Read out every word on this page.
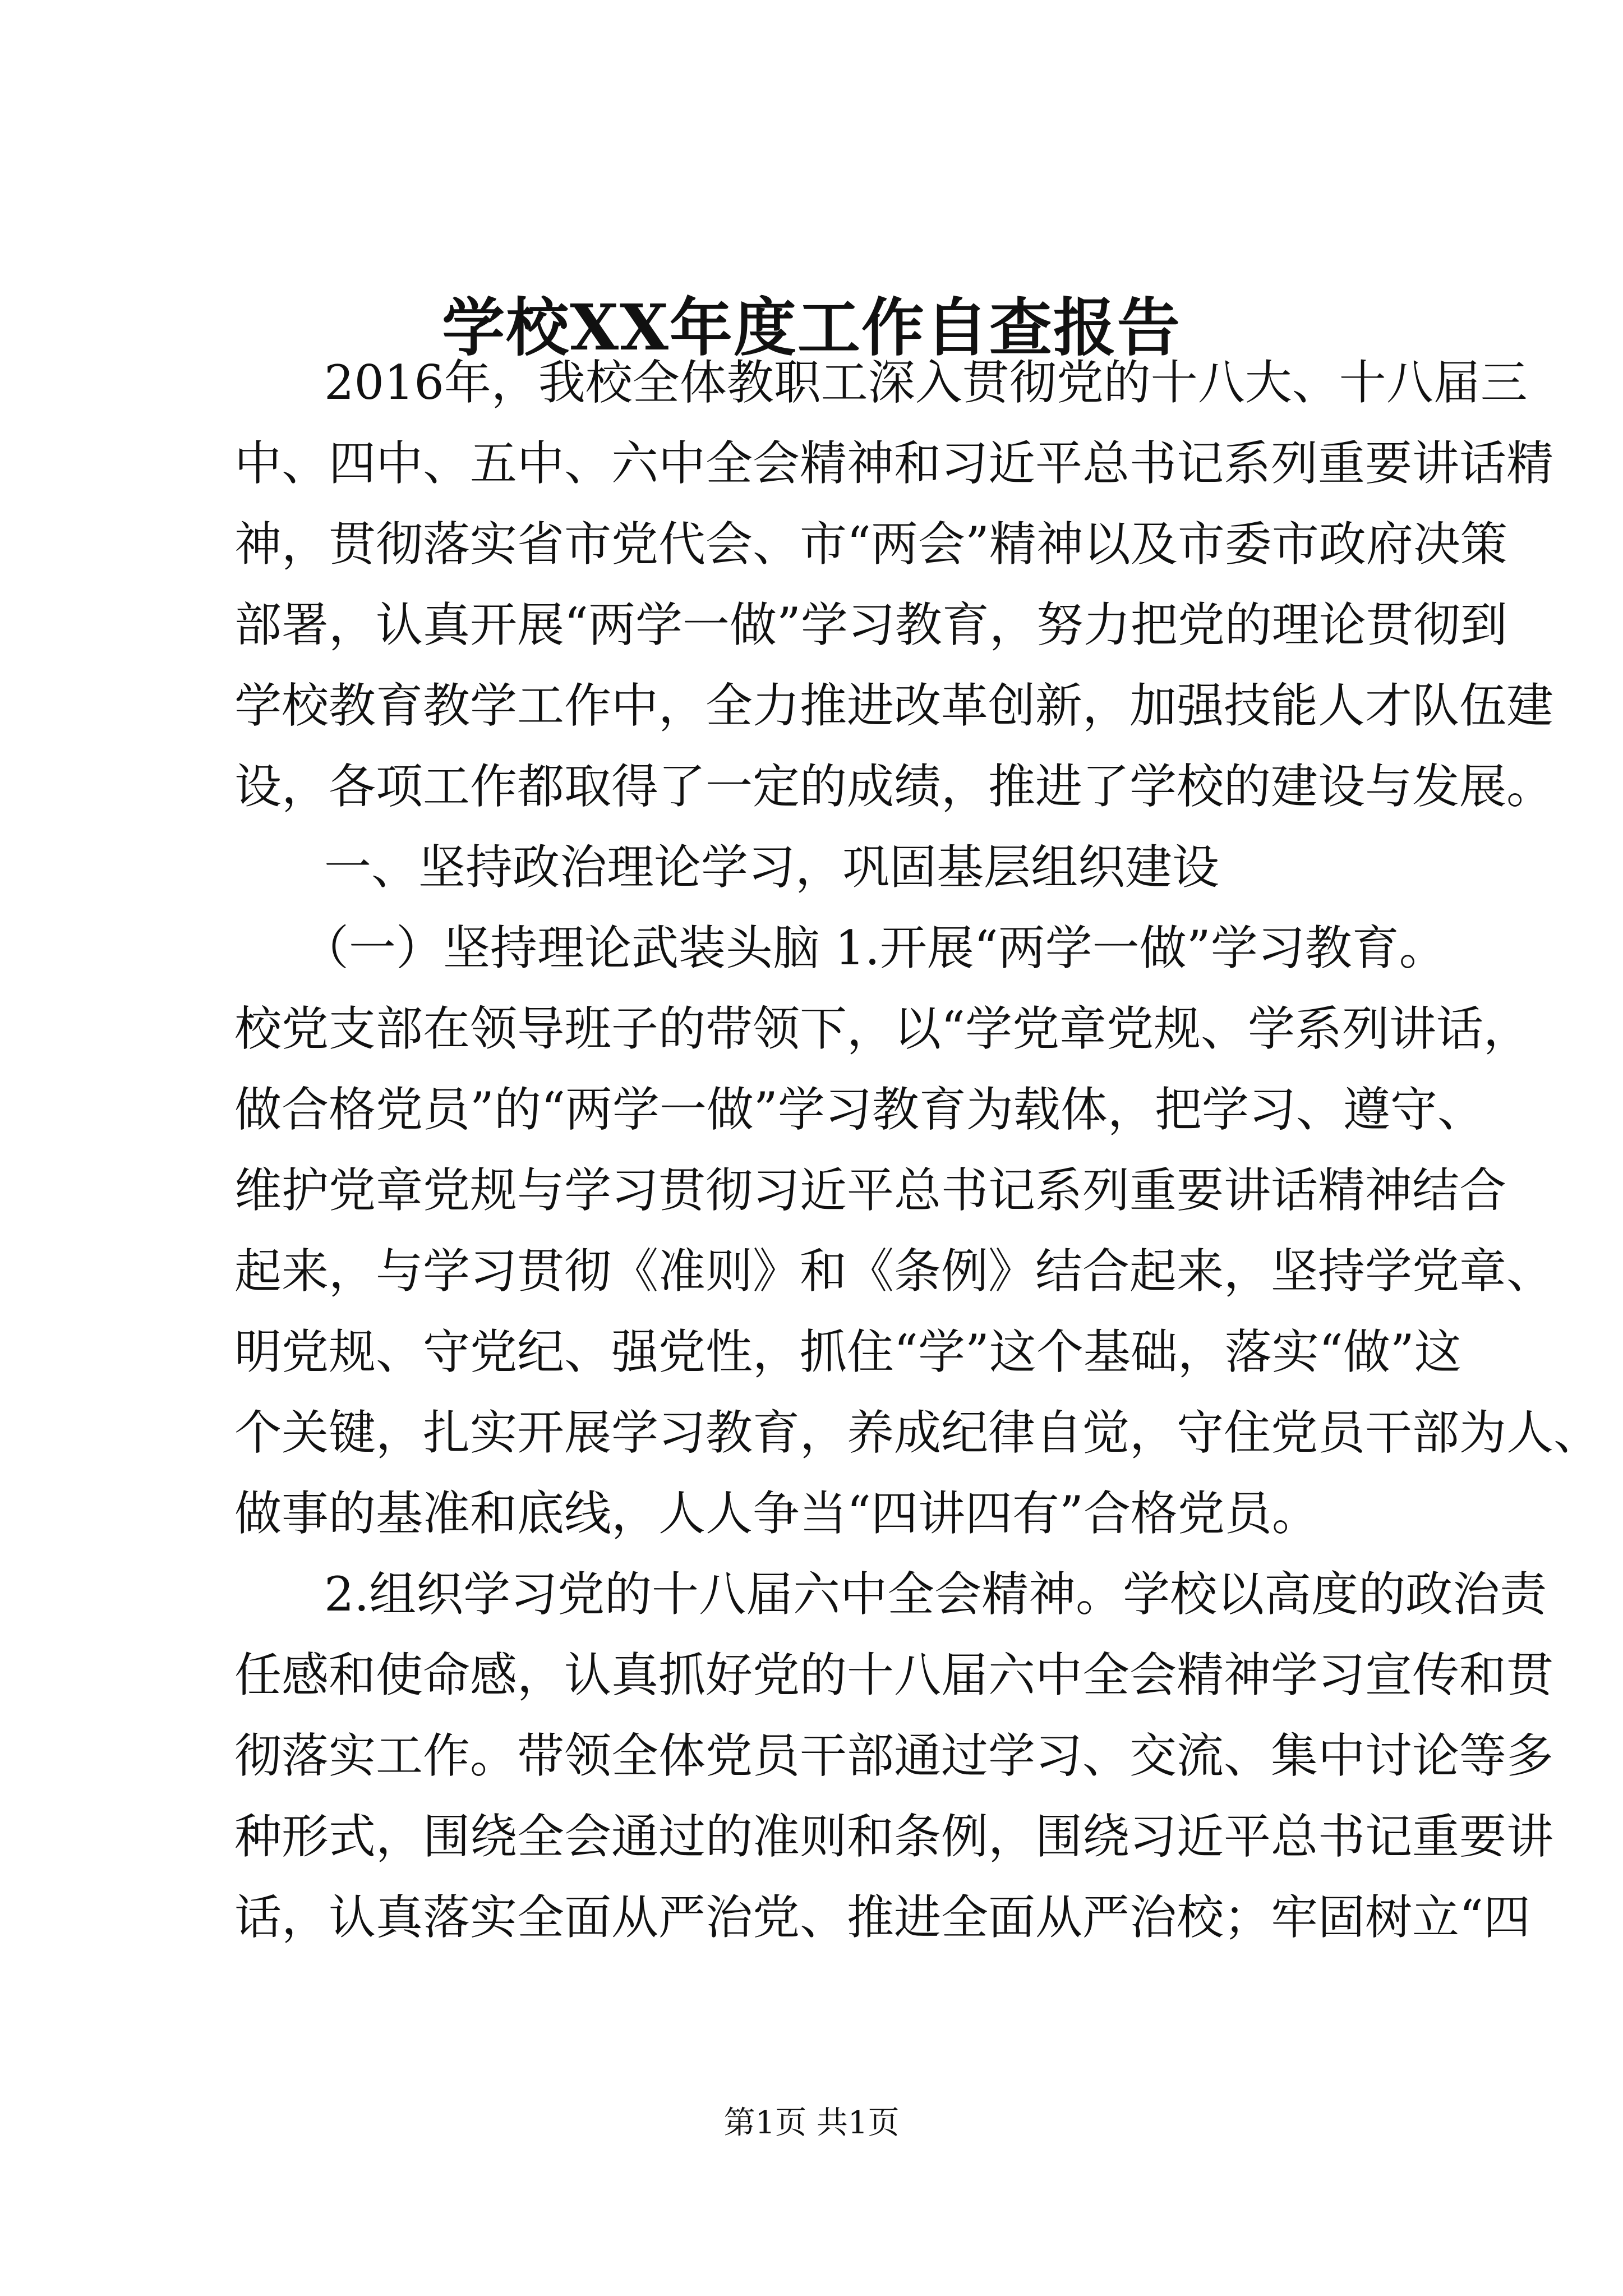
学校XX年度工作自查报告
2016年，我校全体教职工深入贯彻党的十八大、十八届三
中、四中、五中、六中全会精神和习近平总书记系列重要讲话精
神，贯彻落实省市党代会、市“两会”精神以及市委市政府决策
部署，认真开展“两学一做”学习教育，努力把党的理论贯彻到
学校教育教学工作中，全力推进改革创新，加强技能人才队伍建
设，各项工作都取得了一定的成绩，推进了学校的建设与发展。
一、坚持政治理论学习，巩固基层组织建设
（一）坚持理论武装头脑 1.开展“两学一做”学习教育。
校党支部在领导班子的带领下，以“学党章党规、学系列讲话，
做合格党员”的“两学一做”学习教育为载体，把学习、遵守、
维护党章党规与学习贯彻习近平总书记系列重要讲话精神结合
起来，与学习贯彻《准则》和《条例》结合起来，坚持学党章、
明党规、守党纪、强党性，抓住“学”这个基础，落实“做”这
个关键，扎实开展学习教育，养成纪律自觉，守住党员干部为人、
做事的基准和底线，人人争当“四讲四有”合格党员。
2.组织学习党的十八届六中全会精神。学校以高度的政治责
任感和使命感，认真抓好党的十八届六中全会精神学习宣传和贯
彻落实工作。带领全体党员干部通过学习、交流、集中讨论等多
种形式，围绕全会通过的准则和条例，围绕习近平总书记重要讲
话，认真落实全面从严治党、推进全面从严治校；牢固树立“四
第1页 共1页
